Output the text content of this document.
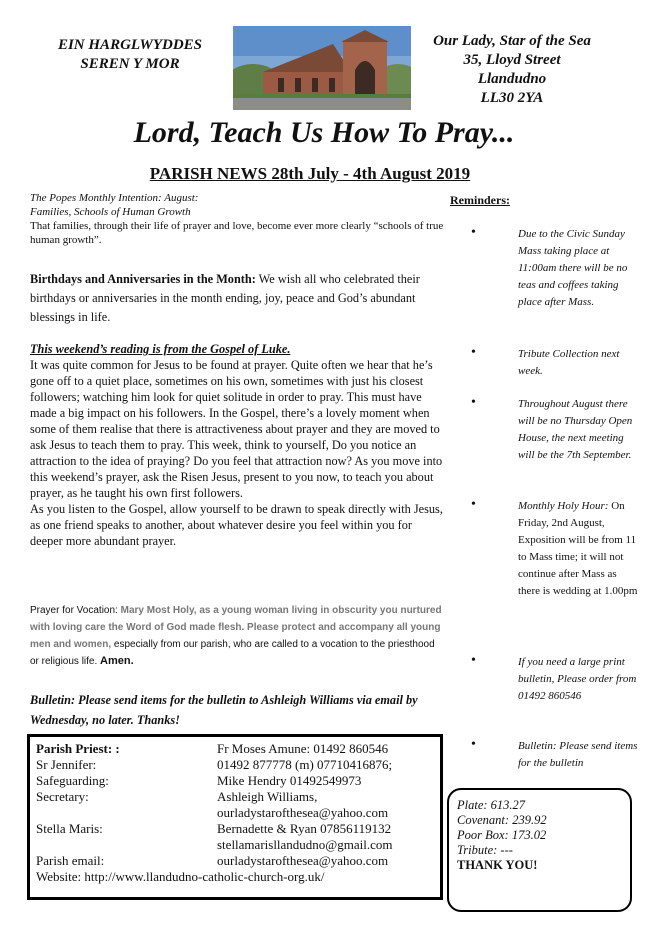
EIN HARGLWYDDES
SEREN Y MOR
Our Lady, Star of the Sea
35, Lloyd Street
Llandudno
LL30 2YA
Lord, Teach Us How To Pray...
PARISH NEWS 28th July - 4th August 2019
The Popes Monthly Intention: August:
Families, Schools of Human Growth
That families, through their life of prayer and love, become ever more clearly “schools of true human growth”.
Birthdays and Anniversaries in the Month: We wish all who celebrated their birthdays or anniversaries in the month ending, joy, peace and God’s abundant blessings in life.
This weekend’s reading is from the Gospel of Luke.
It was quite common for Jesus to be found at prayer. Quite often we hear that he’s gone off to a quiet place, sometimes on his own, sometimes with just his closest followers; watching him look for quiet solitude in order to pray. This must have made a big impact on his followers. In the Gospel, there’s a lovely moment when some of them realise that there is attractiveness about prayer and they are moved to ask Jesus to teach them to pray. This week, think to yourself, Do you notice an attraction to the idea of praying? Do you feel that attraction now? As you move into this weekend’s prayer, ask the Risen Jesus, present to you now, to teach you about prayer, as he taught his own first followers.
As you listen to the Gospel, allow yourself to be drawn to speak directly with Jesus, as one friend speaks to another, about whatever desire you feel within you for deeper more abundant prayer.
Prayer for Vocation: Mary Most Holy, as a young woman living in obscurity you nurtured with loving care the Word of God made flesh. Please protect and accompany all young men and women, especially from our parish, who are called to a vocation to the priesthood or religious life. Amen.
Bulletin: Please send items for the bulletin to Ashleigh Williams via email by Wednesday, no later. Thanks!
Reminders:
•	Due to the Civic Sunday Mass taking place at 11:00am there will be no teas and coffees taking place after Mass.
•	Tribute Collection next week.
•	Throughout August there will be no Thursday Open House, the next meeting will be the 7th September.
•	Monthly Holy Hour: On Friday, 2nd August, Exposition will be from 11 to Mass time; it will not continue after Mass as there is wedding at 1.00pm
•	If you need a large print bulletin, Please order from 01492 860546
•	Bulletin: Please send items for the bulletin
Parish Priest: :	Fr Moses Amune: 01492 860546
Sr Jennifer:	01492 877778 (m) 07710416876;
Safeguarding:	Mike Hendry 01492549973
Secretary:	Ashleigh Williams,
ourladystarofthesea@yahoo.com
Stella Maris:	Bernadette & Ryan 07856119132
stellamarisllandudno@gmail.com
Parish email:	ourladystarofthesea@yahoo.com
Website: http://www.llandudno-catholic-church-org.uk/
Plate: 613.27
Covenant: 239.92
Poor Box: 173.02
Tribute: ---
THANK YOU!
